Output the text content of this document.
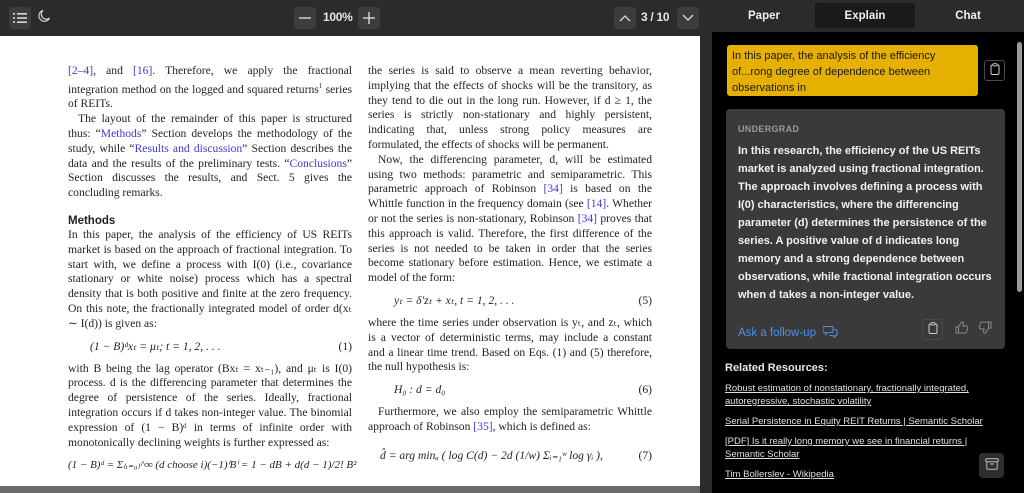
100%	3 / 10

[2–4], and [16]. Therefore, we apply the fractional integration method on the logged and squared returns$^1$ series of REITs.

The layout of the remainder of this paper is structured thus: “Methods” Section develops the methodology of the study, while “Results and discussion” Section describes the data and the results of the preliminary tests. “Conclusions” Section discusses the results, and Sect. 5 gives the concluding remarks.

Methods

In this paper, the analysis of the efficiency of US REITs market is based on the approach of fractional integration. To start with, we define a process with I(0) (i.e., covariance stationary or white noise) process which has a spectral density that is both positive and finite at the zero frequency. On this note, the fractionally integrated model of order d(xₜ ∼ I(d)) is given as:

(1 − B)ᵈxₜ = μₜ; t = 1, 2, . . .	(1)

with B being the lag operator (Bxₜ = xₜ₋₁), and μₜ is I(0) process. d is the differencing parameter that determines the degree of persistence of the series. Ideally, fractional integration occurs if d takes non-integer value. The binomial expression of (1 − B)ᵈ in terms of infinite order with monotonically declining weights is further expressed as:

(1 − B)ᵈ = Σ₍ᵢ₌₀₎^∞ (d choose i)(−1)ⁱBⁱ = 1 − dB + d(d − 1)/2! B²

the series is said to observe a mean reverting behavior, implying that the effects of shocks will be the transitory, as they tend to die out in the long run. However, if d ≥ 1, the series is strictly non-stationary and highly persistent, indicating that, unless strong policy measures are formulated, the effects of shocks will be permanent.

Now, the differencing parameter, d, will be estimated using two methods: parametric and semiparametric. This parametric approach of Robinson [34] is based on the Whittle function in the frequency domain (see [14]. Whether or not the series is non-stationary, Robinson [34] proves that this approach is valid. Therefore, the first difference of the series is not needed to be taken in order that the series become stationary before estimation. Hence, we estimate a model of the form:

yₜ = δ′zₜ + xₜ, t = 1, 2, . . .	(5)

where the time series under observation is yₜ, and zₜ, which is a vector of deterministic terms, may include a constant and a linear time trend. Based on Eqs. (1) and (5) therefore, the null hypothesis is:

H₀ : d = d₀	(6)

Furthermore, we also employ the semiparametric Whittle approach of Robinson [35], which is defined as:

d̂ = arg minₐ ( log C(d) − 2d (1/w) Σᵢ₌₁ʷ log γᵢ ),	(7)
Paper	Explain	Chat
In this paper, the analysis of the efficiency of...rong degree of dependence between observations in
UNDERGRAD
In this research, the efficiency of the US REITs market is analyzed using fractional integration. The approach involves defining a process with I(0) characteristics, where the differencing parameter (d) determines the persistence of the series. A positive value of d indicates long memory and a strong dependence between observations, while fractional integration occurs when d takes a non-integer value.
Ask a follow-up
Related Resources:
Robust estimation of nonstationary, fractionally integrated, autoregressive, stochastic volatility
Serial Persistence in Equity REIT Returns | Semantic Scholar
[PDF] Is it really long memory we see in financial returns | Semantic Scholar
Tim Bollerslev - Wikipedia
